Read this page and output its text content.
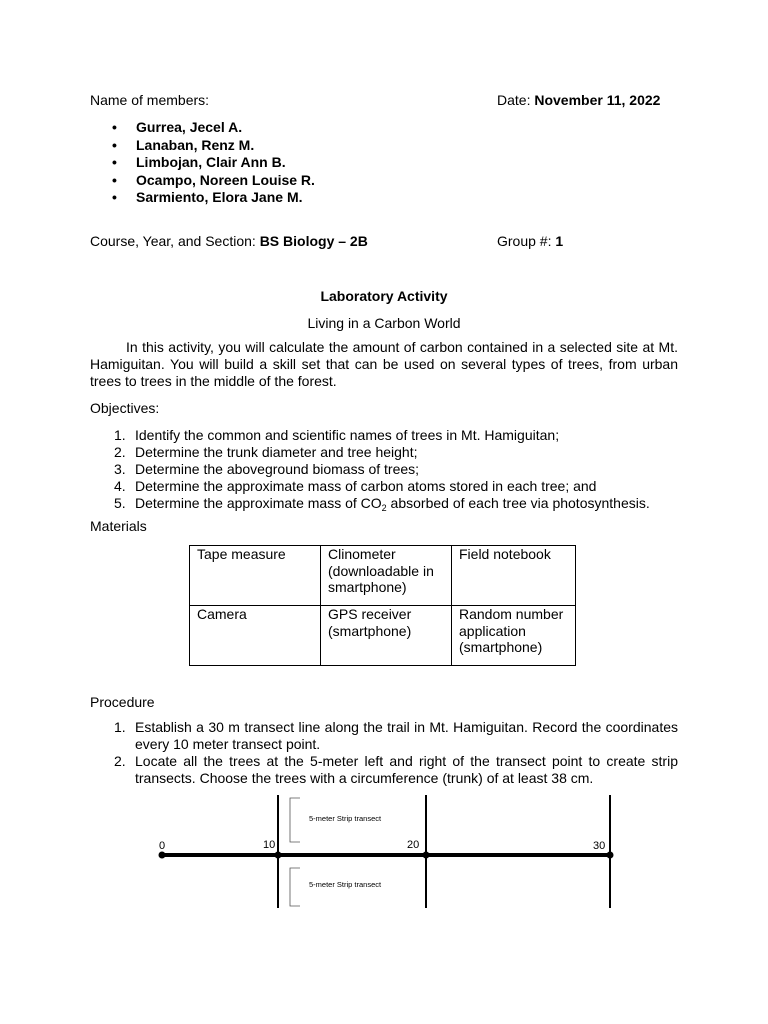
Name of members:	Date: November 11, 2022
• Gurrea, Jecel A.
• Lanaban, Renz M.
• Limbojan, Clair Ann B.
• Ocampo, Noreen Louise R.
• Sarmiento, Elora Jane M.
Course, Year, and Section: BS Biology – 2B	Group #: 1
Laboratory Activity
Living in a Carbon World
In this activity, you will calculate the amount of carbon contained in a selected site at Mt. Hamiguitan. You will build a skill set that can be used on several types of trees, from urban trees to trees in the middle of the forest.
Objectives:
1. Identify the common and scientific names of trees in Mt. Hamiguitan;
2. Determine the trunk diameter and tree height;
3. Determine the aboveground biomass of trees;
4. Determine the approximate mass of carbon atoms stored in each tree; and
5. Determine the approximate mass of $CO_2$ absorbed of each tree via photosynthesis.
Materials
Tape measure	Clinometer (downloadable in smartphone)	Field notebook
Camera	GPS receiver (smartphone)	Random number application (smartphone)
Procedure
1. Establish a 30 m transect line along the trail in Mt. Hamiguitan. Record the coordinates every 10 meter transect point.
2. Locate all the trees at the 5-meter left and right of the transect point to create strip transects. Choose the trees with a circumference (trunk) of at least 38 cm.
0	10	20	30
5-meter Strip transect
5-meter Strip transect
